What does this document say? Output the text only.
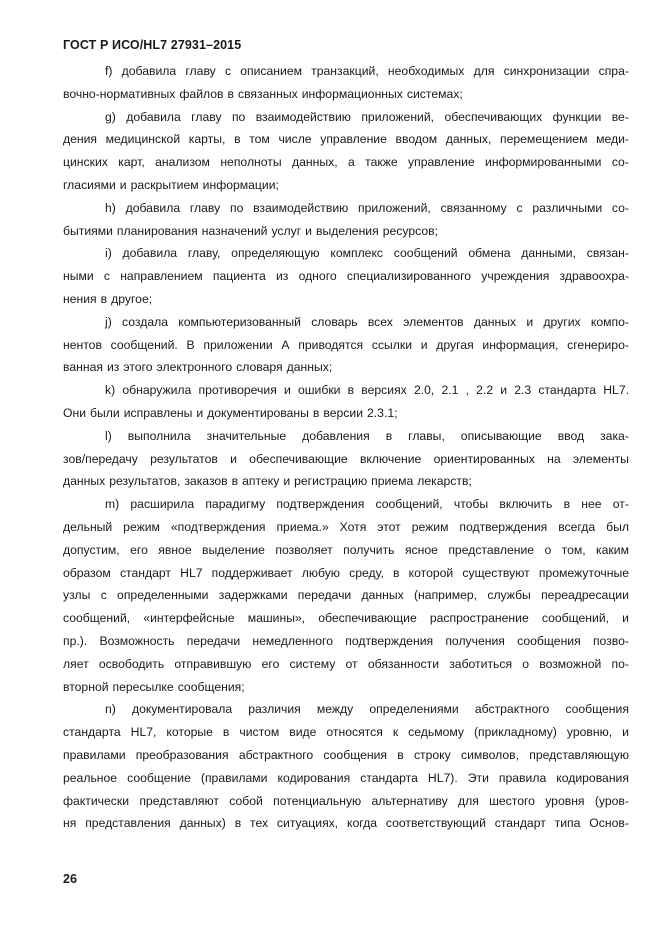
ГОСТ Р ИСО/HL7 27931–2015
f) добавила главу с описанием транзакций, необходимых для синхронизации спра-
вочно-нормативных файлов в связанных информационных системах;
g) добавила главу по взаимодействию приложений, обеспечивающих функции ве-
дения медицинской карты, в том числе управление вводом данных, перемещением меди-
цинских карт, анализом неполноты данных, а также управление информированными со-
гласиями и раскрытием информации;
h) добавила главу по взаимодействию приложений, связанному с различными со-
бытиями планирования назначений услуг и выделения ресурсов;
i) добавила главу, определяющую комплекс сообщений обмена данными, связан-
ными с направлением пациента из одного специализированного учреждения здравоохра-
нения в другое;
j) создала компьютеризованный словарь всех элементов данных и других компо-
нентов сообщений. В приложении А приводятся ссылки и другая информация, сгенериро-
ванная из этого электронного словаря данных;
k) обнаружила противоречия и ошибки в версиях 2.0, 2.1 , 2.2 и 2.3 стандарта HL7.
Они были исправлены и документированы в версии 2.3.1;
l) выполнила значительные добавления в главы, описывающие ввод зака-
зов/передачу результатов и обеспечивающие включение ориентированных на элементы
данных результатов, заказов в аптеку и регистрацию приема лекарств;
m) расширила парадигму подтверждения сообщений, чтобы включить в нее от-
дельный режим «подтверждения приема.» Хотя этот режим подтверждения всегда был
допустим, его явное выделение позволяет получить ясное представление о том, каким
образом стандарт HL7 поддерживает любую среду, в которой существуют промежуточные
узлы с определенными задержками передачи данных (например, службы переадресации
сообщений, «интерфейсные машины», обеспечивающие распространение сообщений, и
пр.). Возможность передачи немедленного подтверждения получения сообщения позво-
ляет освободить отправившую его систему от обязанности заботиться о возможной по-
вторной пересылке сообщения;
n) документировала различия между определениями абстрактного сообщения
стандарта HL7, которые в чистом виде относятся к седьмому (прикладному) уровню, и
правилами преобразования абстрактного сообщения в строку символов, представляющую
реальное сообщение (правилами кодирования стандарта HL7). Эти правила кодирования
фактически представляют собой потенциальную альтернативу для шестого уровня (уров-
ня представления данных) в тех ситуациях, когда соответствующий стандарт типа Основ-
26
